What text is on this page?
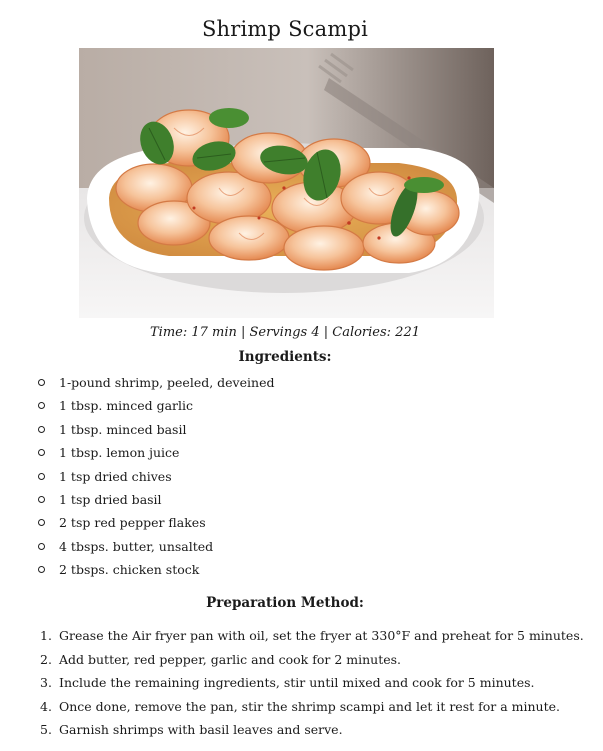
Shrimp Scampi
Time: 17 min | Servings 4 | Calories: 221
Ingredients:
1-pound shrimp, peeled, deveined
1 tbsp. minced garlic
1 tbsp. minced basil
1 tbsp. lemon juice
1 tsp dried chives
1 tsp dried basil
2 tsp red pepper flakes
4 tbsps. butter, unsalted
2 tbsps. chicken stock
Preparation Method:
1. Grease the Air fryer pan with oil, set the fryer at 330°F and preheat for 5 minutes.
2. Add butter, red pepper, garlic and cook for 2 minutes.
3. Include the remaining ingredients, stir until mixed and cook for 5 minutes.
4. Once done, remove the pan, stir the shrimp scampi and let it rest for a minute.
5. Garnish shrimps with basil leaves and serve.
